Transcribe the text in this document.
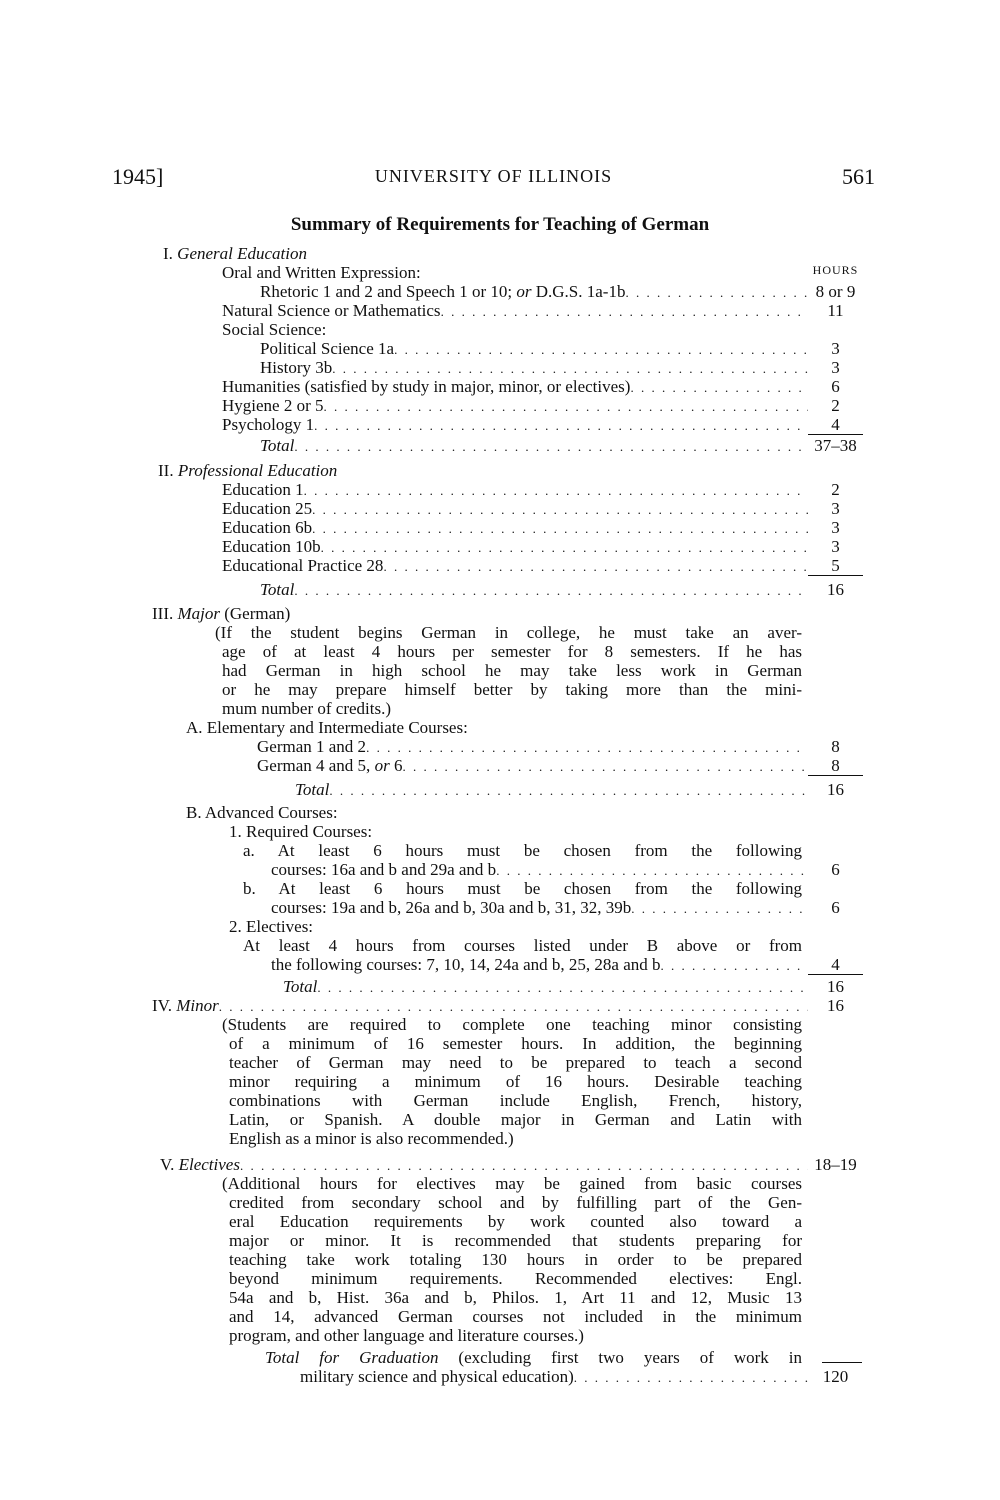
1945]	UNIVERSITY OF ILLINOIS	561
Summary of Requirements for Teaching of German
I. General Education
Oral and Written Expression:	HOURS
Rhetoric 1 and 2 and Speech 1 or 10; or D.G.S. 1a-1b . . .	8 or 9
Natural Science or Mathematics . . .	11
Social Science:
Political Science 1a . . .	3
History 3b . . .	3
Humanities (satisfied by study in major, minor, or electives) . . .	6
Hygiene 2 or 5 . . .	2
Psychology 1 . . .	4
Total . . .	37–38
II. Professional Education
Education 1 . . .	2
Education 25 . . .	3
Education 6b . . .	3
Education 10b . . .	3
Educational Practice 28 . . .	5
Total . . .	16
III. Major (German)
(If the student begins German in college, he must take an aver-
age of at least 4 hours per semester for 8 semesters. If he has
had German in high school he may take less work in German
or he may prepare himself better by taking more than the mini-
mum number of credits.)
A. Elementary and Intermediate Courses:
German 1 and 2 . . .	8
German 4 and 5, or 6 . . .	8
Total . . .	16
B. Advanced Courses:
1. Required Courses:
a. At least 6 hours must be chosen from the following
courses: 16a and b and 29a and b . . .	6
b. At least 6 hours must be chosen from the following
courses: 19a and b, 26a and b, 30a and b, 31, 32, 39b . . .	6
2. Electives:
At least 4 hours from courses listed under B above or from
the following courses: 7, 10, 14, 24a and b, 25, 28a and b . . .	4
Total . . .	16
IV. Minor . . .	16
(Students are required to complete one teaching minor consisting
of a minimum of 16 semester hours. In addition, the beginning
teacher of German may need to be prepared to teach a second
minor requiring a minimum of 16 hours. Desirable teaching
combinations with German include English, French, history,
Latin, or Spanish. A double major in German and Latin with
English as a minor is also recommended.)
V. Electives . . .	18–19
(Additional hours for electives may be gained from basic courses
credited from secondary school and by fulfilling part of the Gen-
eral Education requirements by work counted also toward a
major or minor. It is recommended that students preparing for
teaching take work totaling 130 hours in order to be prepared
beyond minimum requirements. Recommended electives: Engl.
54a and b, Hist. 36a and b, Philos. 1, Art 11 and 12, Music 13
and 14, advanced German courses not included in the minimum
program, and other language and literature courses.)
Total for Graduation (excluding first two years of work in
military science and physical education) . . .	120
